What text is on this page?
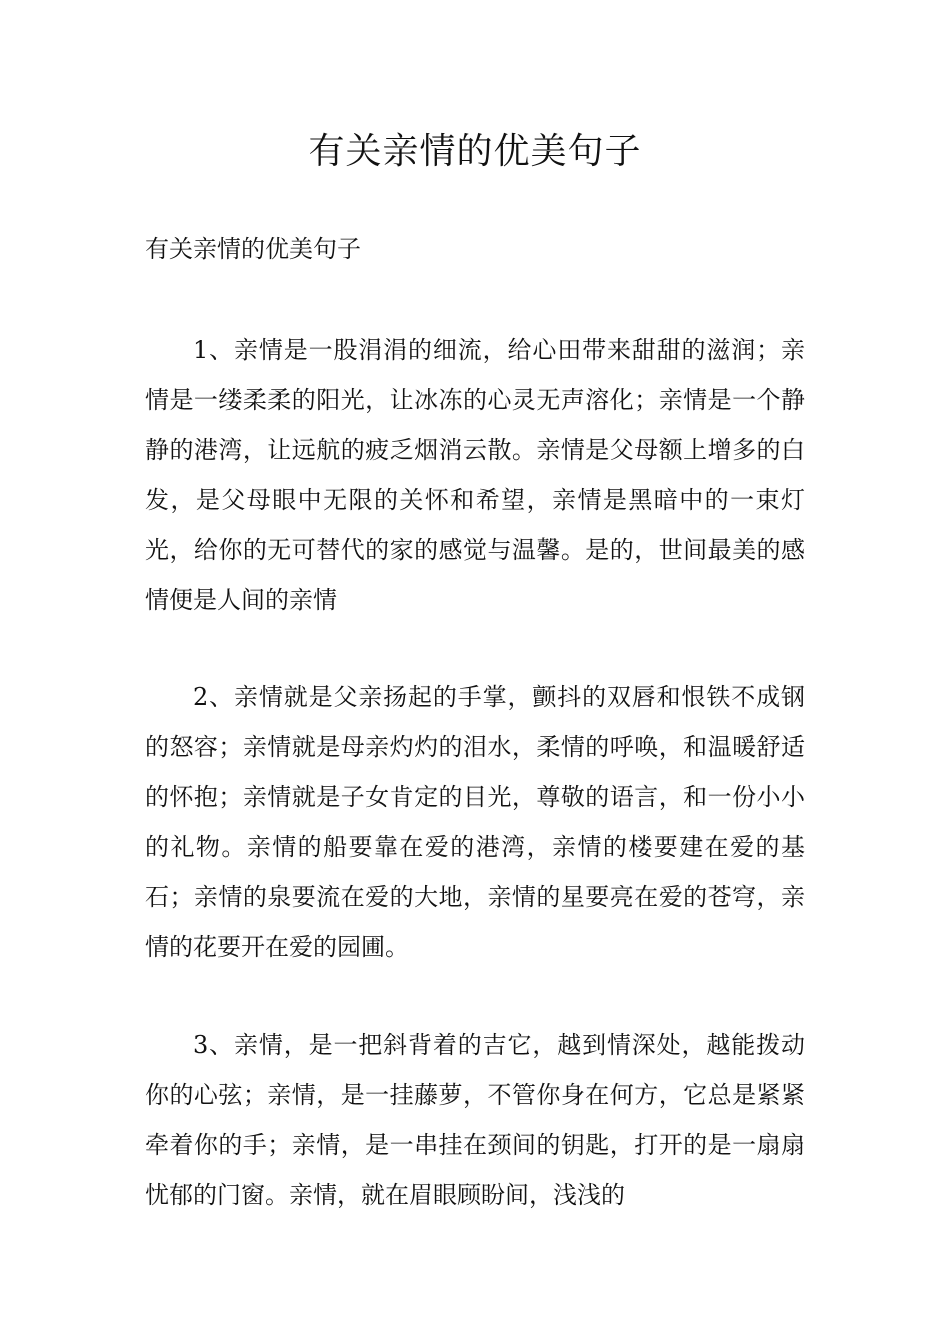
有关亲情的优美句子

有关亲情的优美句子

1、亲情是一股涓涓的细流，给心田带来甜甜的滋润；亲情是一缕柔柔的阳光，让冰冻的心灵无声溶化；亲情是一个静静的港湾，让远航的疲乏烟消云散。亲情是父母额上增多的白发，是父母眼中无限的关怀和希望，亲情是黑暗中的一束灯光，给你的无可替代的家的感觉与温馨。是的，世间最美的感情便是人间的亲情

2、亲情就是父亲扬起的手掌，颤抖的双唇和恨铁不成钢的怒容；亲情就是母亲灼灼的泪水，柔情的呼唤，和温暖舒适的怀抱；亲情就是子女肯定的目光，尊敬的语言，和一份小小的礼物。亲情的船要靠在爱的港湾，亲情的楼要建在爱的基石；亲情的泉要流在爱的大地，亲情的星要亮在爱的苍穹，亲情的花要开在爱的园圃。

3、亲情，是一把斜背着的吉它，越到情深处，越能拨动你的心弦；亲情，是一挂藤萝，不管你身在何方，它总是紧紧牵着你的手；亲情，是一串挂在颈间的钥匙，打开的是一扇扇忧郁的门窗。亲情，就在眉眼顾盼间，浅浅的
